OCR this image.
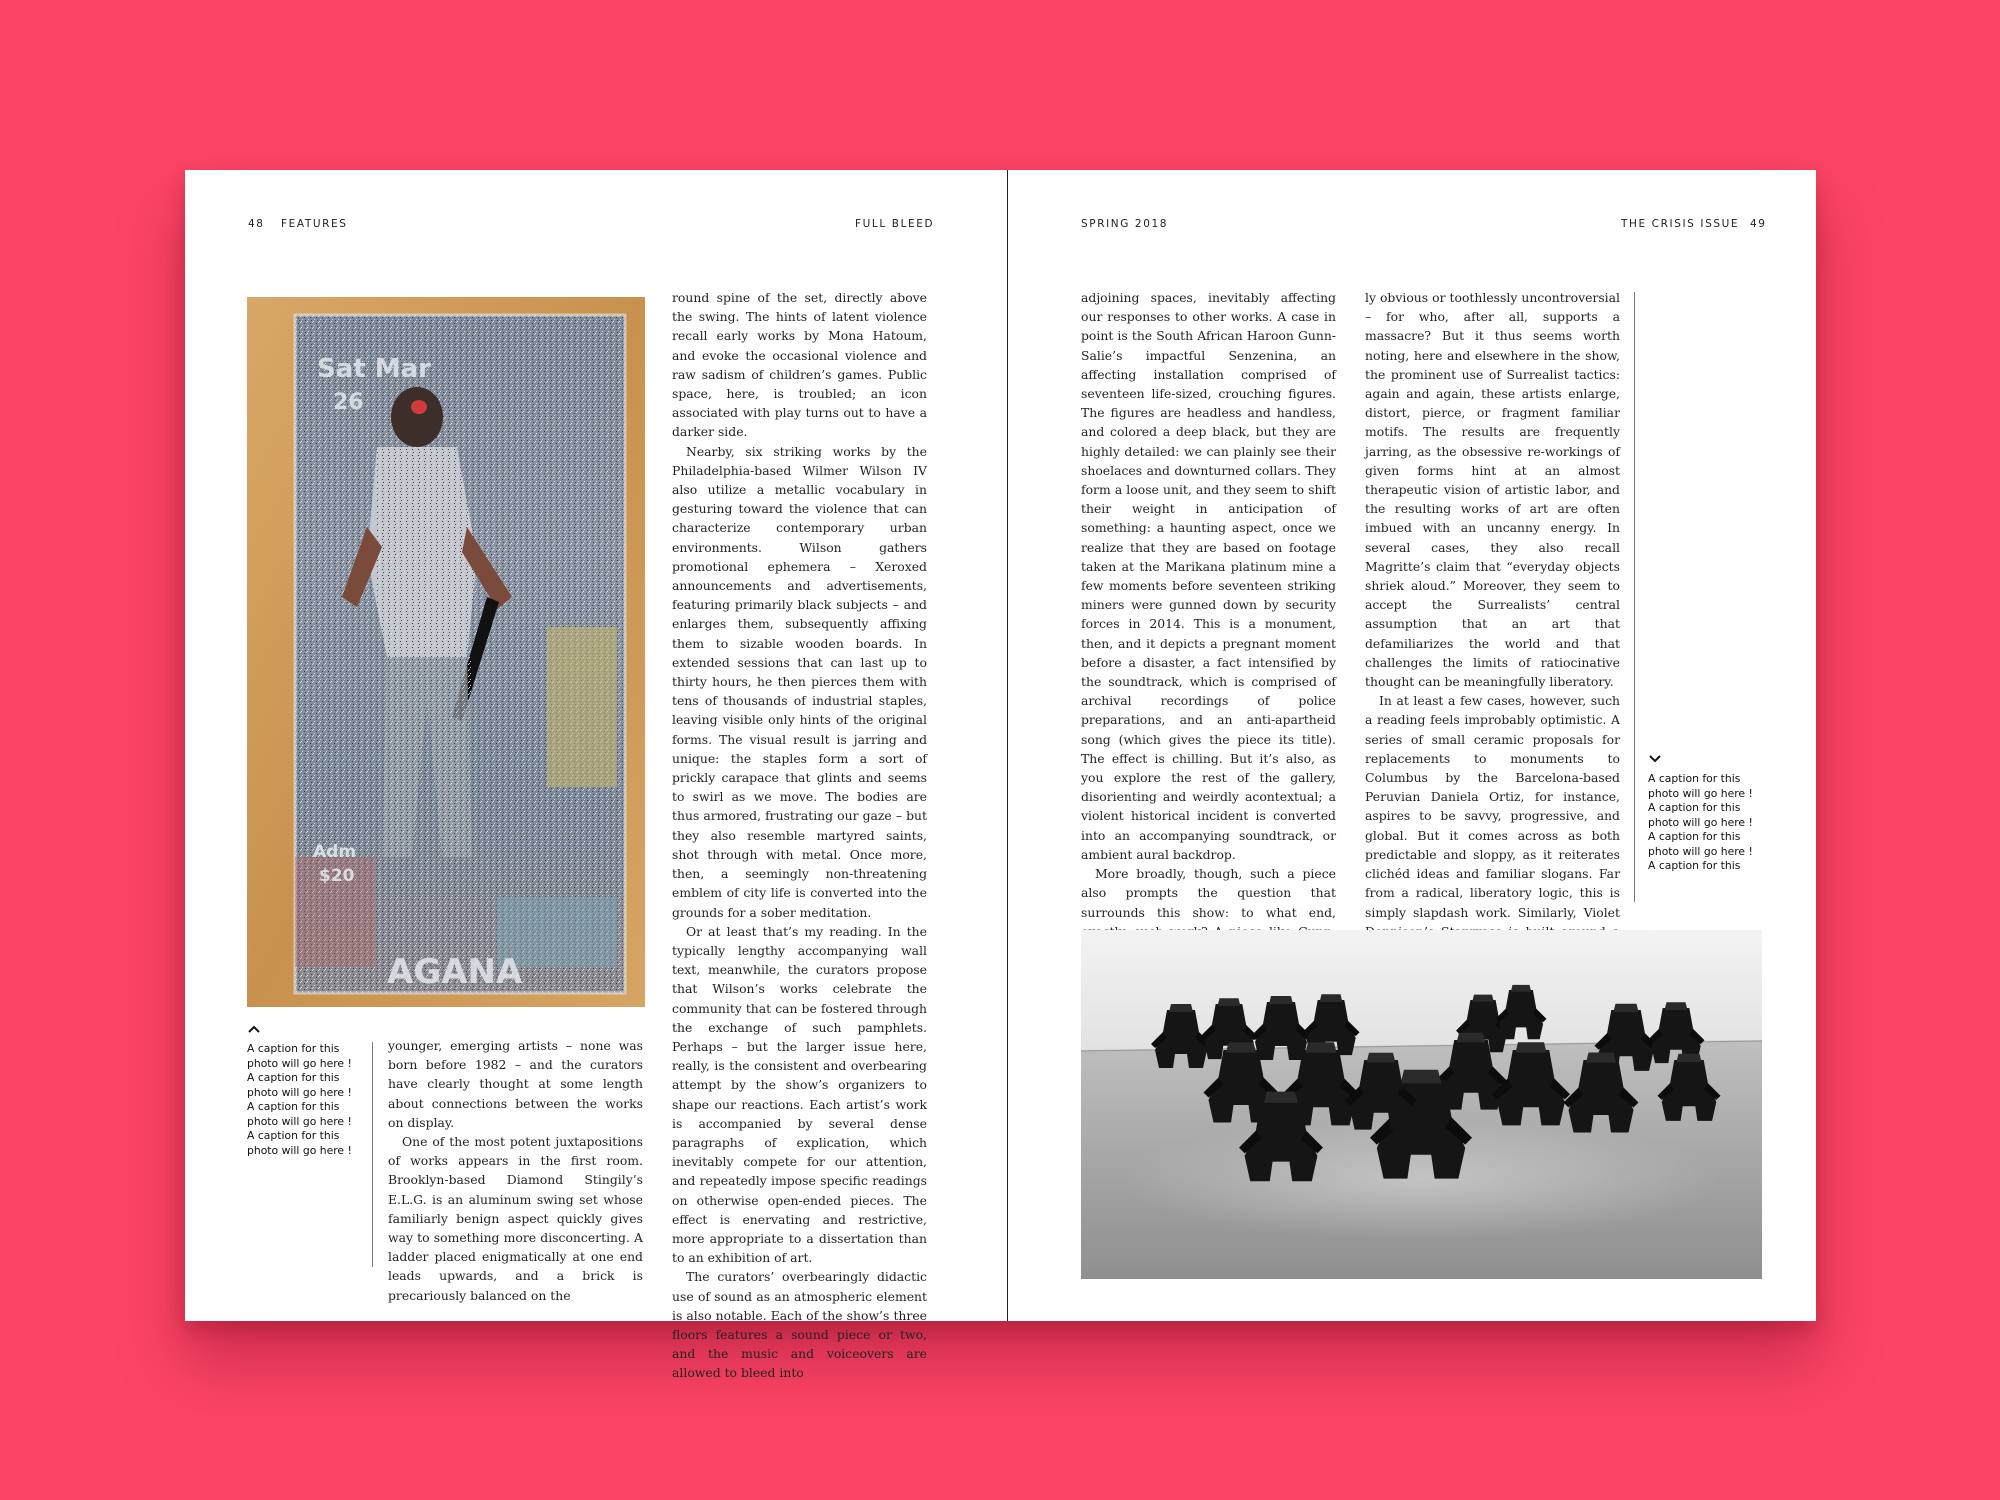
48 FEATURES	FULL BLEED	SPRING 2018	THE CRISIS ISSUE 49
Sat Mar
26
Adm
$20
AGANA
A caption for this photo will go here ! A caption for this photo will go here ! A caption for this photo will go here ! A caption for this photo will go here !

younger, emerging artists – none was born before 1982 – and the curators have clearly thought at some length about connections between the works on display.

One of the most potent juxtapositions of works appears in the first room. Brooklyn-based Diamond Stingily’s E.L.G. is an aluminum swing set whose familiarly benign aspect quickly gives way to something more disconcerting. A ladder placed enigmatically at one end leads upwards, and a brick is precariously balanced on the

round spine of the set, directly above the swing. The hints of latent violence recall early works by Mona Hatoum, and evoke the occasional violence and raw sadism of children’s games. Public space, here, is troubled; an icon associated with play turns out to have a darker side.

Nearby, six striking works by the Philadelphia-based Wilmer Wilson IV also utilize a metallic vocabulary in gesturing toward the violence that can characterize contemporary urban environments. Wilson gathers promotional ephemera – Xeroxed announcements and advertisements, featuring primarily black subjects – and enlarges them, subsequently affixing them to sizable wooden boards. In extended sessions that can last up to thirty hours, he then pierces them with tens of thousands of industrial staples, leaving visible only hints of the original forms. The visual result is jarring and unique: the staples form a sort of prickly carapace that glints and seems to swirl as we move. The bodies are thus armored, frustrating our gaze – but they also resemble martyred saints, shot through with metal. Once more, then, a seemingly non-threatening emblem of city life is converted into the grounds for a sober meditation.

Or at least that’s my reading. In the typically lengthy accompanying wall text, meanwhile, the curators propose that Wilson’s works celebrate the community that can be fostered through the exchange of such pamphlets. Perhaps – but the larger issue here, really, is the consistent and overbearing attempt by the show’s organizers to shape our reactions. Each artist’s work is accompanied by several dense paragraphs of explication, which inevitably compete for our attention, and repeatedly impose specific readings on otherwise open-ended pieces. The effect is enervating and restrictive, more appropriate to a dissertation than to an exhibition of art.

The curators’ overbearingly didactic use of sound as an atmospheric element is also notable. Each of the show’s three floors features a sound piece or two, and the music and voiceovers are allowed to bleed into

adjoining spaces, inevitably affecting our responses to other works. A case in point is the South African Haroon Gunn-Salie’s impactful Senzenina, an affecting installation comprised of seventeen life-sized, crouching figures. The figures are headless and handless, and colored a deep black, but they are highly detailed: we can plainly see their shoelaces and downturned collars. They form a loose unit, and they seem to shift their weight in anticipation of something: a haunting aspect, once we realize that they are based on footage taken at the Marikana platinum mine a few moments before seventeen striking miners were gunned down by security forces in 2014. This is a monument, then, and it depicts a pregnant moment before a disaster, a fact intensified by the soundtrack, which is comprised of archival recordings of police preparations, and an anti-apartheid song (which gives the piece its title). The effect is chilling. But it’s also, as you explore the rest of the gallery, disorienting and weirdly acontextual; a violent historical incident is converted into an accompanying soundtrack, or ambient aural backdrop.

More broadly, though, such a piece also prompts the question that surrounds this show: to what end,

ly obvious or toothlessly uncontroversial – for who, after all, supports a massacre? But it thus seems worth noting, here and elsewhere in the show, the prominent use of Surrealist tactics: again and again, these artists enlarge, distort, pierce, or fragment familiar motifs. The results are frequently jarring, as the obsessive re-workings of given forms hint at an almost therapeutic vision of artistic labor, and the resulting works of art are often imbued with an uncanny energy. In several cases, they also recall Magritte’s claim that “everyday objects shriek aloud.” Moreover, they seem to accept the Surrealists’ central assumption that an art that defamiliarizes the world and that challenges the limits of ratiocinative thought can be meaningfully liberatory.

In at least a few cases, however, such a reading feels improbably optimistic. A series of small ceramic proposals for replacements to monuments to Columbus by the Barcelona-based Peruvian Daniela Ortiz, for instance, aspires to be savvy, progressive, and global. But it comes across as both predictable and sloppy, as it reiterates clichéd ideas and familiar slogans. Far from a radical, liberatory logic, this is simply slapdash work. Similarly, Violet

A caption for this photo will go here ! A caption for this photo will go here ! A caption for this photo will go here ! A caption for this
